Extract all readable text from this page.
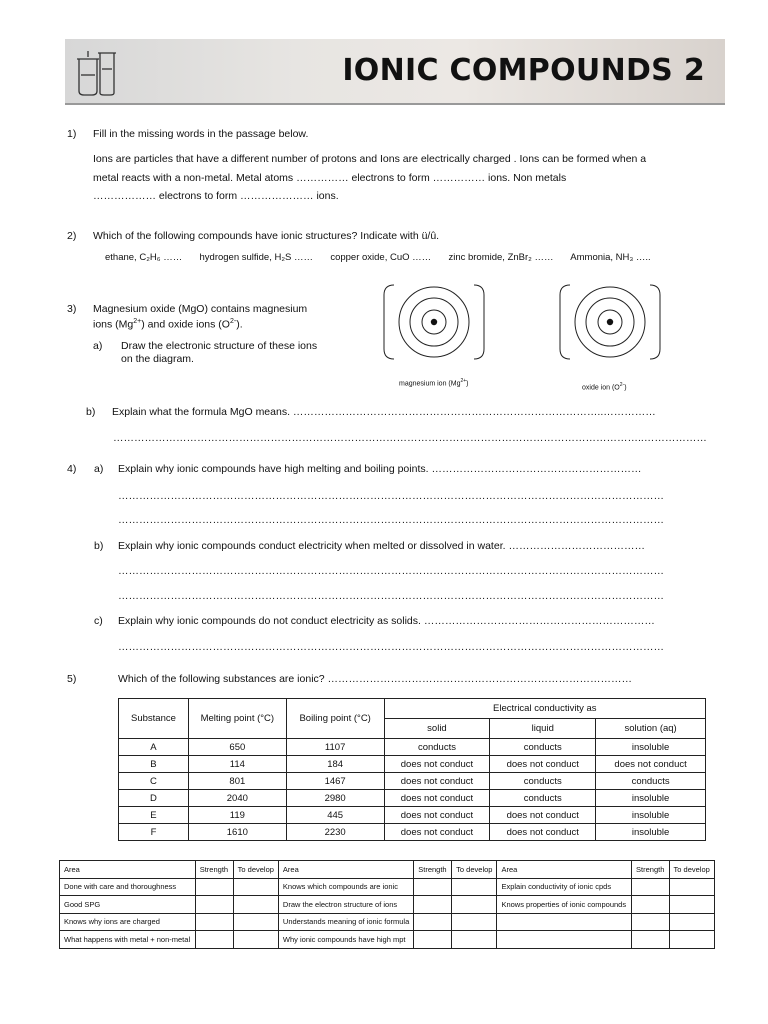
IONIC COMPOUNDS 2
1) Fill in the missing words in the passage below.
Ions are particles that have a different number of protons and Ions are electrically charged . Ions can be formed when a
metal reacts with a non-metal. Metal atoms …………… electrons to form …………… ions. Non metals
……………… electrons to form ………………… ions.
2) Which of the following compounds have ionic structures? Indicate with ü/û.
ethane, C₂H₆ …… hydrogen sulfide, H₂S …… copper oxide, CuO …… zinc bromide, ZnBr₂ …… Ammonia, NH₃ …..
3) Magnesium oxide (MgO) contains magnesium
ions $(Mg^{2+})$ and oxide ions $(O^{2-})$.
a) Draw the electronic structure of these ions
on the diagram.
magnesium ion $(Mg^{2+})$
oxide ion $(O^{2-})$
b) Explain what the formula MgO means. ……………………………………………………………………………..……………
……………………………………………………………………………………………………………………………………..………………
4) a) Explain why ionic compounds have high melting and boiling points. ……………………………………………………
…………………………………………………………………………………………………………………………………………
…………………………………………………………………………………………………………………………………………
b) Explain why ionic compounds conduct electricity when melted or dissolved in water. …………………………………
…………………………………………………………………………………………………………………………………………
…………………………………………………………………………………………………………………………………………
c) Explain why ionic compounds do not conduct electricity as solids. …………………………………………………………
…………………………………………………………………………………………………………………………………………
5)	Which of the following substances are ionic? ……………………………………………………………………………
Substance	Melting point (°C)	Boiling point (°C)	Electrical conductivity as		
			solid	liquid	solution (aq)
A	650	1107	conducts	conducts	insoluble
B	114	184	does not conduct	does not conduct	does not conduct
C	801	1467	does not conduct	conducts	conducts
D	2040	2980	does not conduct	conducts	insoluble
E	119	445	does not conduct	does not conduct	insoluble
F	1610	2230	does not conduct	does not conduct	insoluble
Area	Strength	To develop	Area	Strength	To develop	Area	Strength	To develop
Done with care and thoroughness			Knows which compounds are ionic			Explain conductivity of ionic cpds		
Good SPG			Draw the electron structure of ions			Knows properties of ionic compounds		
Knows why ions are charged			Understands meaning of ionic formula					
What happens with metal + non-metal			Why ionic compounds have high mpt					
